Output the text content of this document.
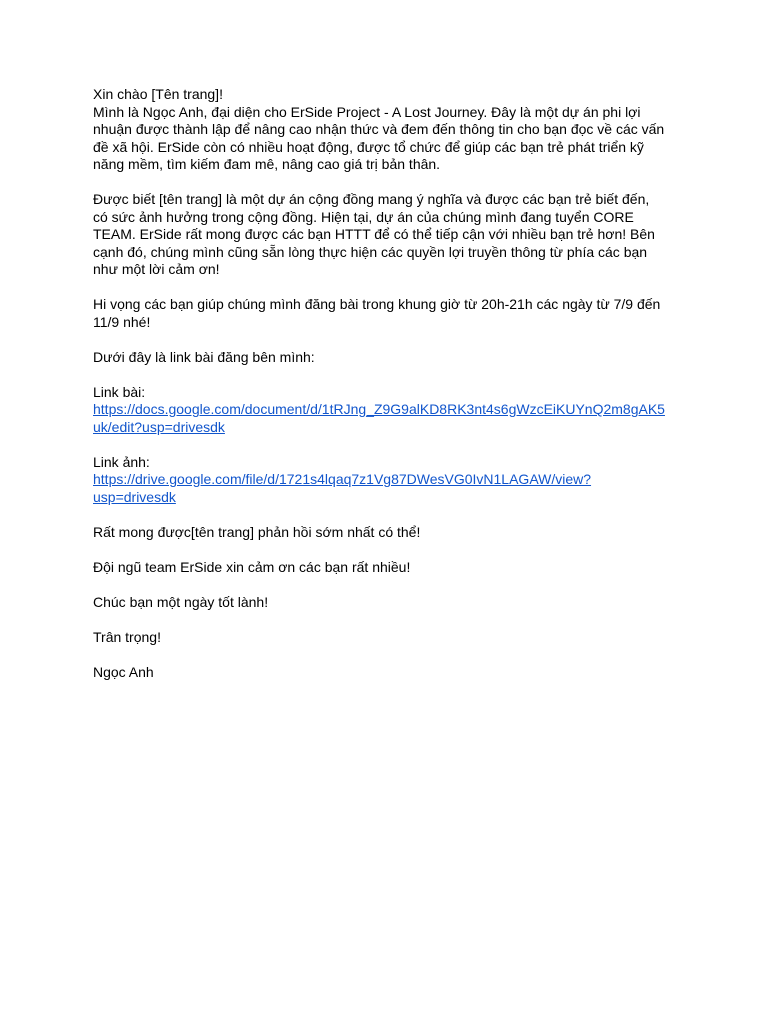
Xin chào [Tên trang]!
Mình là Ngọc Anh, đại diện cho ErSide Project - A Lost Journey. Đây là một dự án phi lợi
nhuận được thành lập để nâng cao nhận thức và đem đến thông tin cho bạn đọc về các vấn
đề xã hội. ErSide còn có nhiều hoạt động, được tổ chức để giúp các bạn trẻ phát triển kỹ
năng mềm, tìm kiếm đam mê, nâng cao giá trị bản thân.
Được biết [tên trang] là một dự án cộng đồng mang ý nghĩa và được các bạn trẻ biết đến,
có sức ảnh hưởng trong cộng đồng. Hiện tại, dự án của chúng mình đang tuyển CORE
TEAM. ErSide rất mong được các bạn HTTT để có thể tiếp cận với nhiều bạn trẻ hơn! Bên
cạnh đó, chúng mình cũng sẵn lòng thực hiện các quyền lợi truyền thông từ phía các bạn
như một lời cảm ơn!
Hi vọng các bạn giúp chúng mình đăng bài trong khung giờ từ 20h-21h các ngày từ 7/9 đến
11/9 nhé!
Dưới đây là link bài đăng bên mình:
Link bài:
https://docs.google.com/document/d/1tRJng_Z9G9alKD8RK3nt4s6gWzcEiKUYnQ2m8gAK5
uk/edit?usp=drivesdk
Link ảnh:
https://drive.google.com/file/d/1721s4lqaq7z1Vg87DWesVG0IvN1LAGAW/view?
usp=drivesdk
Rất mong được[tên trang] phản hồi sớm nhất có thể!
Đội ngũ team ErSide xin cảm ơn các bạn rất nhiều!
Chúc bạn một ngày tốt lành!
Trân trọng!
Ngọc Anh
